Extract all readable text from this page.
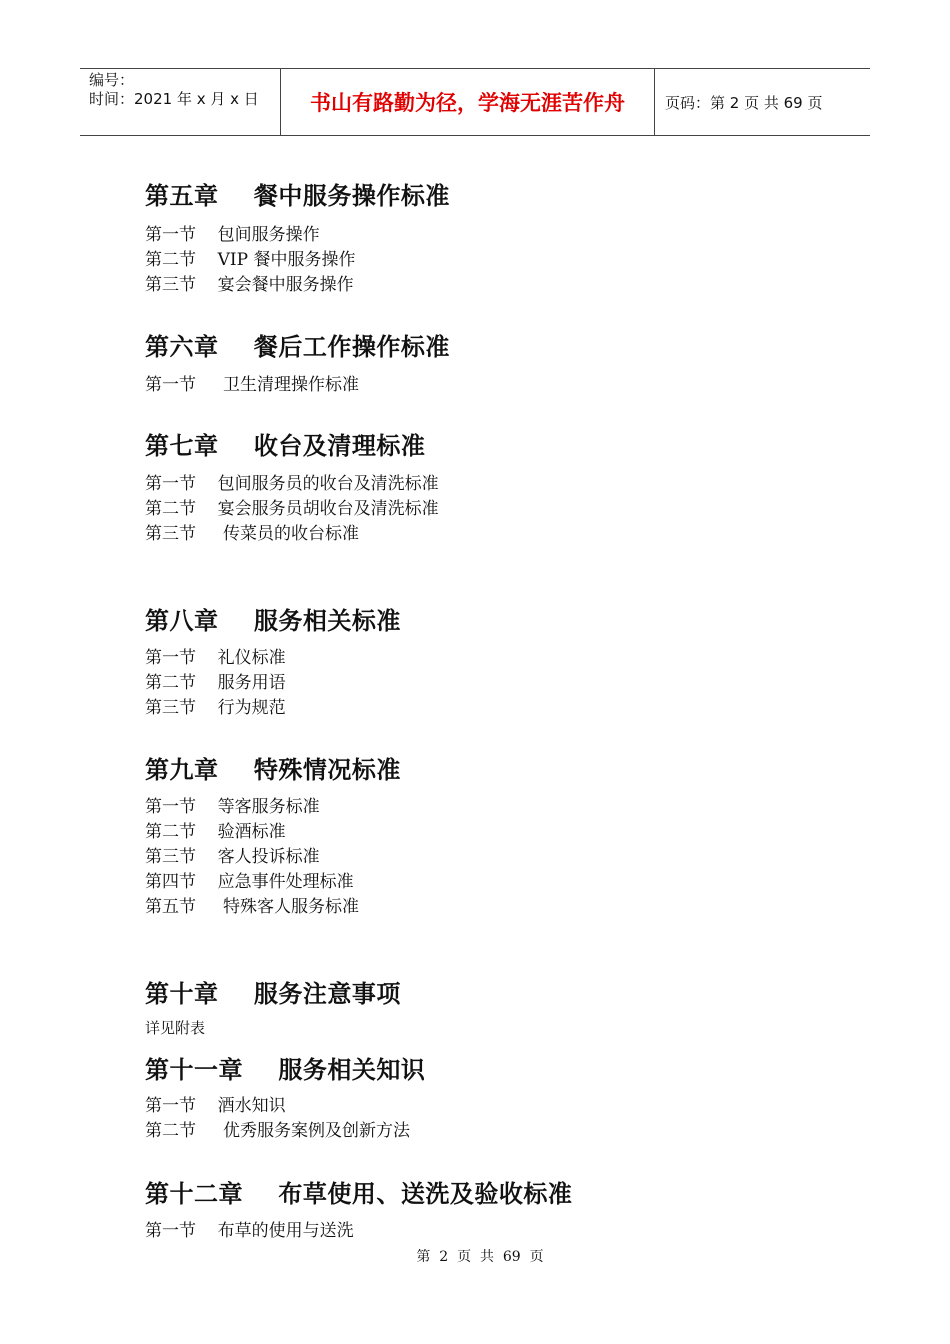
编号：
时间：2021 年 x 月 x 日	书山有路勤为径，学海无涯苦作舟	页码：第 2 页 共 69 页
第五章    餐中服务操作标准
第一节    包间服务操作
第二节    VIP 餐中服务操作
第三节    宴会餐中服务操作
第六章    餐后工作操作标准
第一节     卫生清理操作标准
第七章    收台及清理标准
第一节    包间服务员的收台及清洗标准
第二节    宴会服务员胡收台及清洗标准
第三节     传菜员的收台标准
第八章    服务相关标准
第一节    礼仪标准
第二节    服务用语
第三节    行为规范
第九章    特殊情况标准
第一节    等客服务标准
第二节    验酒标准
第三节    客人投诉标准
第四节    应急事件处理标准
第五节     特殊客人服务标准
第十章    服务注意事项
详见附表
第十一章    服务相关知识
第一节    酒水知识
第二节     优秀服务案例及创新方法
第十二章    布草使用、送洗及验收标准
第一节    布草的使用与送洗
第  2  页  共  69  页
